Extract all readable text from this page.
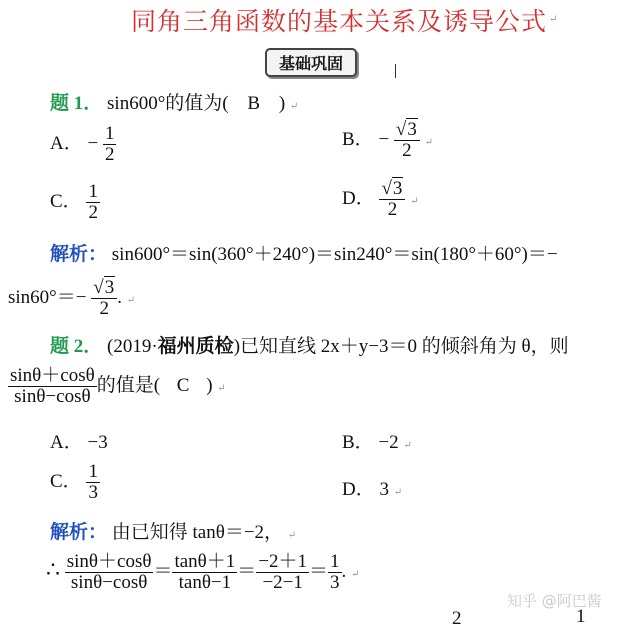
同角三角函数的基本关系及诱导公式 ↵
基础巩固
题 1． sin600°的值为( B ) ↵
A． − $\frac{1}{2}$	B． − $\frac{√3}{2}$ ↵
C． $\frac{1}{2}$	D． $\frac{√3}{2}$ ↵
解析： sin600°＝sin(360°＋240°)＝sin240°＝sin(180°＋60°)＝−
$\sin 60^\circ=- \frac{√3}{2}$ . ↵
题 2． (2019·福州质检)已知直线 2x＋y−3＝0 的倾斜角为 θ，则
$\frac{\sin\theta+\cos\theta}{\sin\theta-\cos\theta}$ 的值是( C ) ↵
A． −3	B． −2 ↵
C． $\frac{1}{3}$	D． 3 ↵
解析： 由已知得 tanθ＝−2， ↵
∴ $\frac{\sin\theta+\cos\theta}{\sin\theta-\cos\theta} = \frac{\tan\theta+1}{\tan\theta-1} = \frac{-2+1}{-2-1} = \frac{1}{3}$ . ↵
2	1
知乎 @阿巴酱
